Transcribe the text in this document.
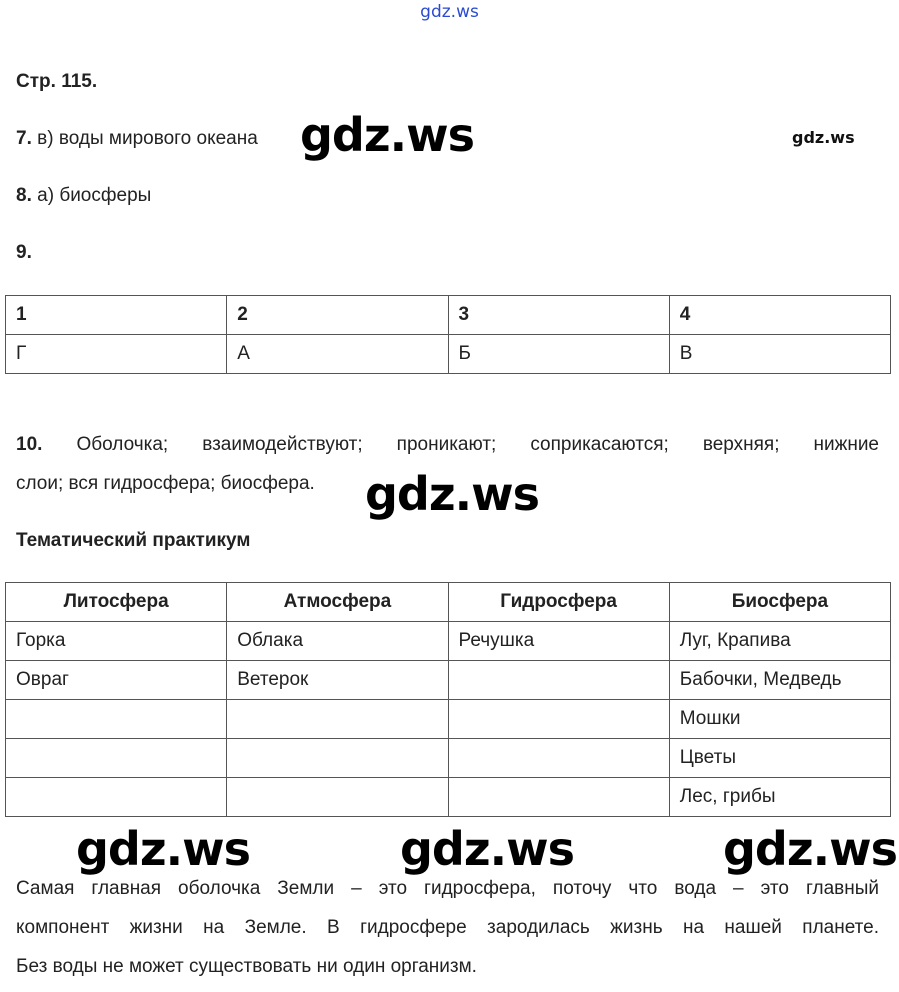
gdz.ws
Стр. 115.
7. в) воды мирового океана gdz.ws	gdz.ws
8. а) биосферы
9.
1	2	3	4
Г	А	Б	В
10. Оболочка; взаимодействуют; проникают; соприкасаются; верхняя; нижние
слои; вся гидросфера; биосфера.	gdz.ws
Тематический практикум
Литосфера	Атмосфера	Гидросфера	Биосфера
Горка	Облака	Речушка	Луг, Крапива
Овраг	Ветерок		Бабочки, Медведь
			Мошки
			Цветы
			Лес, грибы
gdz.ws	gdz.ws	gdz.ws
Самая главная оболочка Земли – это гидросфера, поточу что вода – это главный
компонент жизни на Земле. В гидросфере зародилась жизнь на нашей планете.
Без воды не может существовать ни один организм.
